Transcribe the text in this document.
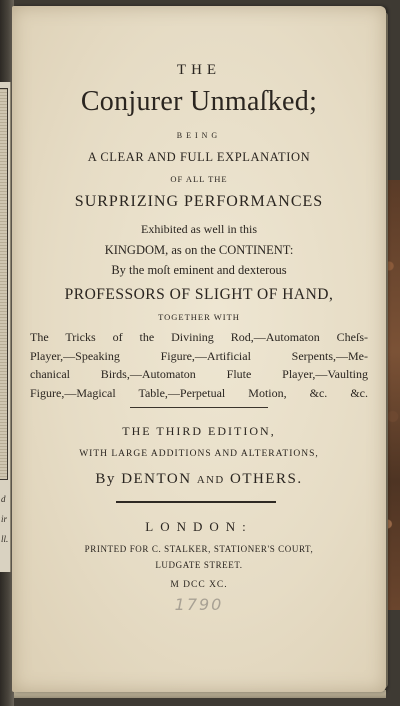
d
ir
ll.
THE
Conjurer Unmaſked;
BEING
A CLEAR AND FULL EXPLANATION
OF ALL THE
SURPRIZING PERFORMANCES
Exhibited as well in this
KINGDOM, as on the CONTINENT:
By the moſt eminent and dexterous
PROFESSORS OF SLIGHT OF HAND,
TOGETHER WITH
The Tricks of the Divining Rod,—Automaton Cheſs-
Player,—Speaking Figure,—Artificial Serpents,—Me-
chanical Birds,—Automaton Flute Player,—Vaulting
Figure,—Magical Table,—Perpetual Motion, &c. &c.
THE THIRD EDITION,
WITH LARGE ADDITIONS AND ALTERATIONS,
By DENTON AND OTHERS.
LONDON:
PRINTED FOR C. STALKER, STATIONER'S COURT,
LUDGATE STREET.
M DCC XC.
1790
